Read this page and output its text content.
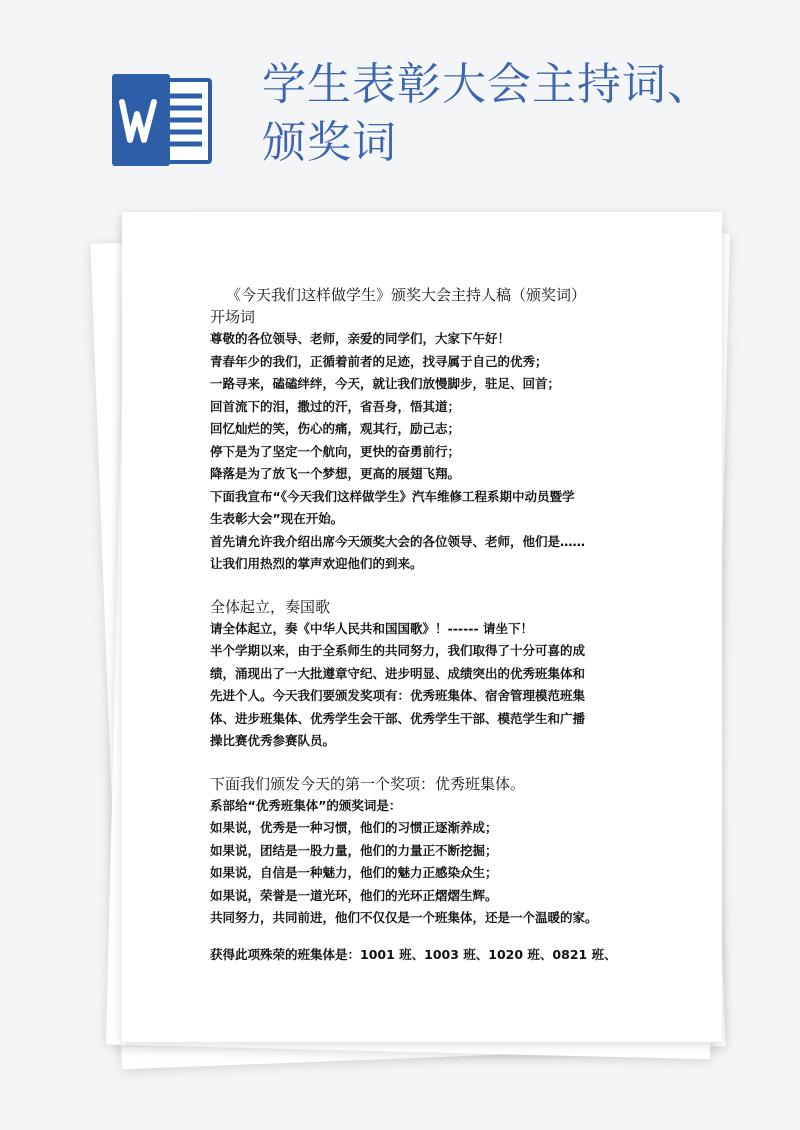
学生表彰大会主持词、
颁奖词

《今天我们这样做学生》颁奖大会主持人稿（颁奖词）

开场词

尊敬的各位领导、老师，亲爱的同学们，大家下午好！

青春年少的我们，正循着前者的足迹，找寻属于自己的优秀；

一路寻来，磕磕绊绊，今天，就让我们放慢脚步，驻足、回首；

回首流下的泪，撒过的汗，省吾身，悟其道；

回忆灿烂的笑，伤心的痛，观其行，励己志；

停下是为了坚定一个航向，更快的奋勇前行；

降落是为了放飞一个梦想，更高的展翅飞翔。

下面我宣布“《今天我们这样做学生》汽车维修工程系期中动员暨学

生表彰大会”现在开始。

首先请允许我介绍出席今天颁奖大会的各位领导、老师，他们是……

让我们用热烈的掌声欢迎他们的到来。

全体起立，奏国歌

请全体起立，奏《中华人民共和国国歌》！------ 请坐下！

半个学期以来，由于全系师生的共同努力，我们取得了十分可喜的成

绩，涌现出了一大批遵章守纪、进步明显、成绩突出的优秀班集体和

先进个人。今天我们要颁发奖项有：优秀班集体、宿舍管理模范班集

体、进步班集体、优秀学生会干部、优秀学生干部、模范学生和广播

操比赛优秀参赛队员。

下面我们颁发今天的第一个奖项：优秀班集体。

系部给“优秀班集体”的颁奖词是：

如果说，优秀是一种习惯，他们的习惯正逐渐养成；

如果说，团结是一股力量，他们的力量正不断挖掘；

如果说，自信是一种魅力，他们的魅力正感染众生；

如果说，荣誉是一道光环，他们的光环正熠熠生辉。

共同努力，共同前进，他们不仅仅是一个班集体，还是一个温暖的家。

获得此项殊荣的班集体是：1001 班、1003 班、1020 班、0821 班、
